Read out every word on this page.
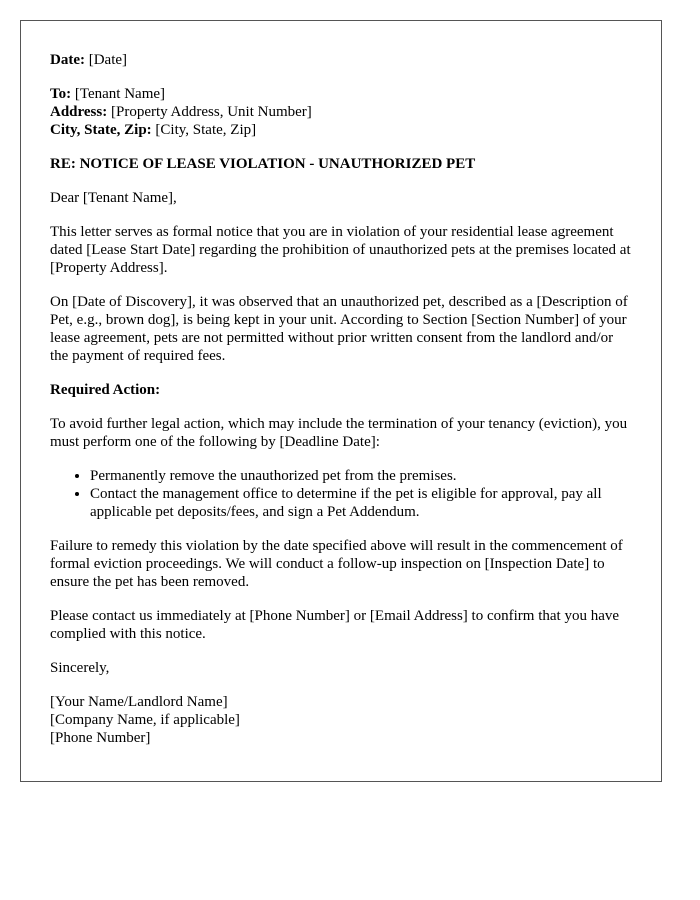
Date: [Date]

To: [Tenant Name]

Address: [Property Address, Unit Number]

City, State, Zip: [City, State, Zip]

RE: NOTICE OF LEASE VIOLATION - UNAUTHORIZED PET

Dear [Tenant Name],

This letter serves as formal notice that you are in violation of your residential lease agreement dated [Lease Start Date] regarding the prohibition of unauthorized pets at the premises located at [Property Address].

On [Date of Discovery], it was observed that an unauthorized pet, described as a [Description of Pet, e.g., brown dog], is being kept in your unit. According to Section [Section Number] of your lease agreement, pets are not permitted without prior written consent from the landlord and/or the payment of required fees.

Required Action:

To avoid further legal action, which may include the termination of your tenancy (eviction), you must perform one of the following by [Deadline Date]:

• Permanently remove the unauthorized pet from the premises.
• Contact the management office to determine if the pet is eligible for approval, pay all applicable pet deposits/fees, and sign a Pet Addendum.

Failure to remedy this violation by the date specified above will result in the commencement of formal eviction proceedings. We will conduct a follow-up inspection on [Inspection Date] to ensure the pet has been removed.

Please contact us immediately at [Phone Number] or [Email Address] to confirm that you have complied with this notice.

Sincerely,

[Your Name/Landlord Name]

[Company Name, if applicable]

[Phone Number]
